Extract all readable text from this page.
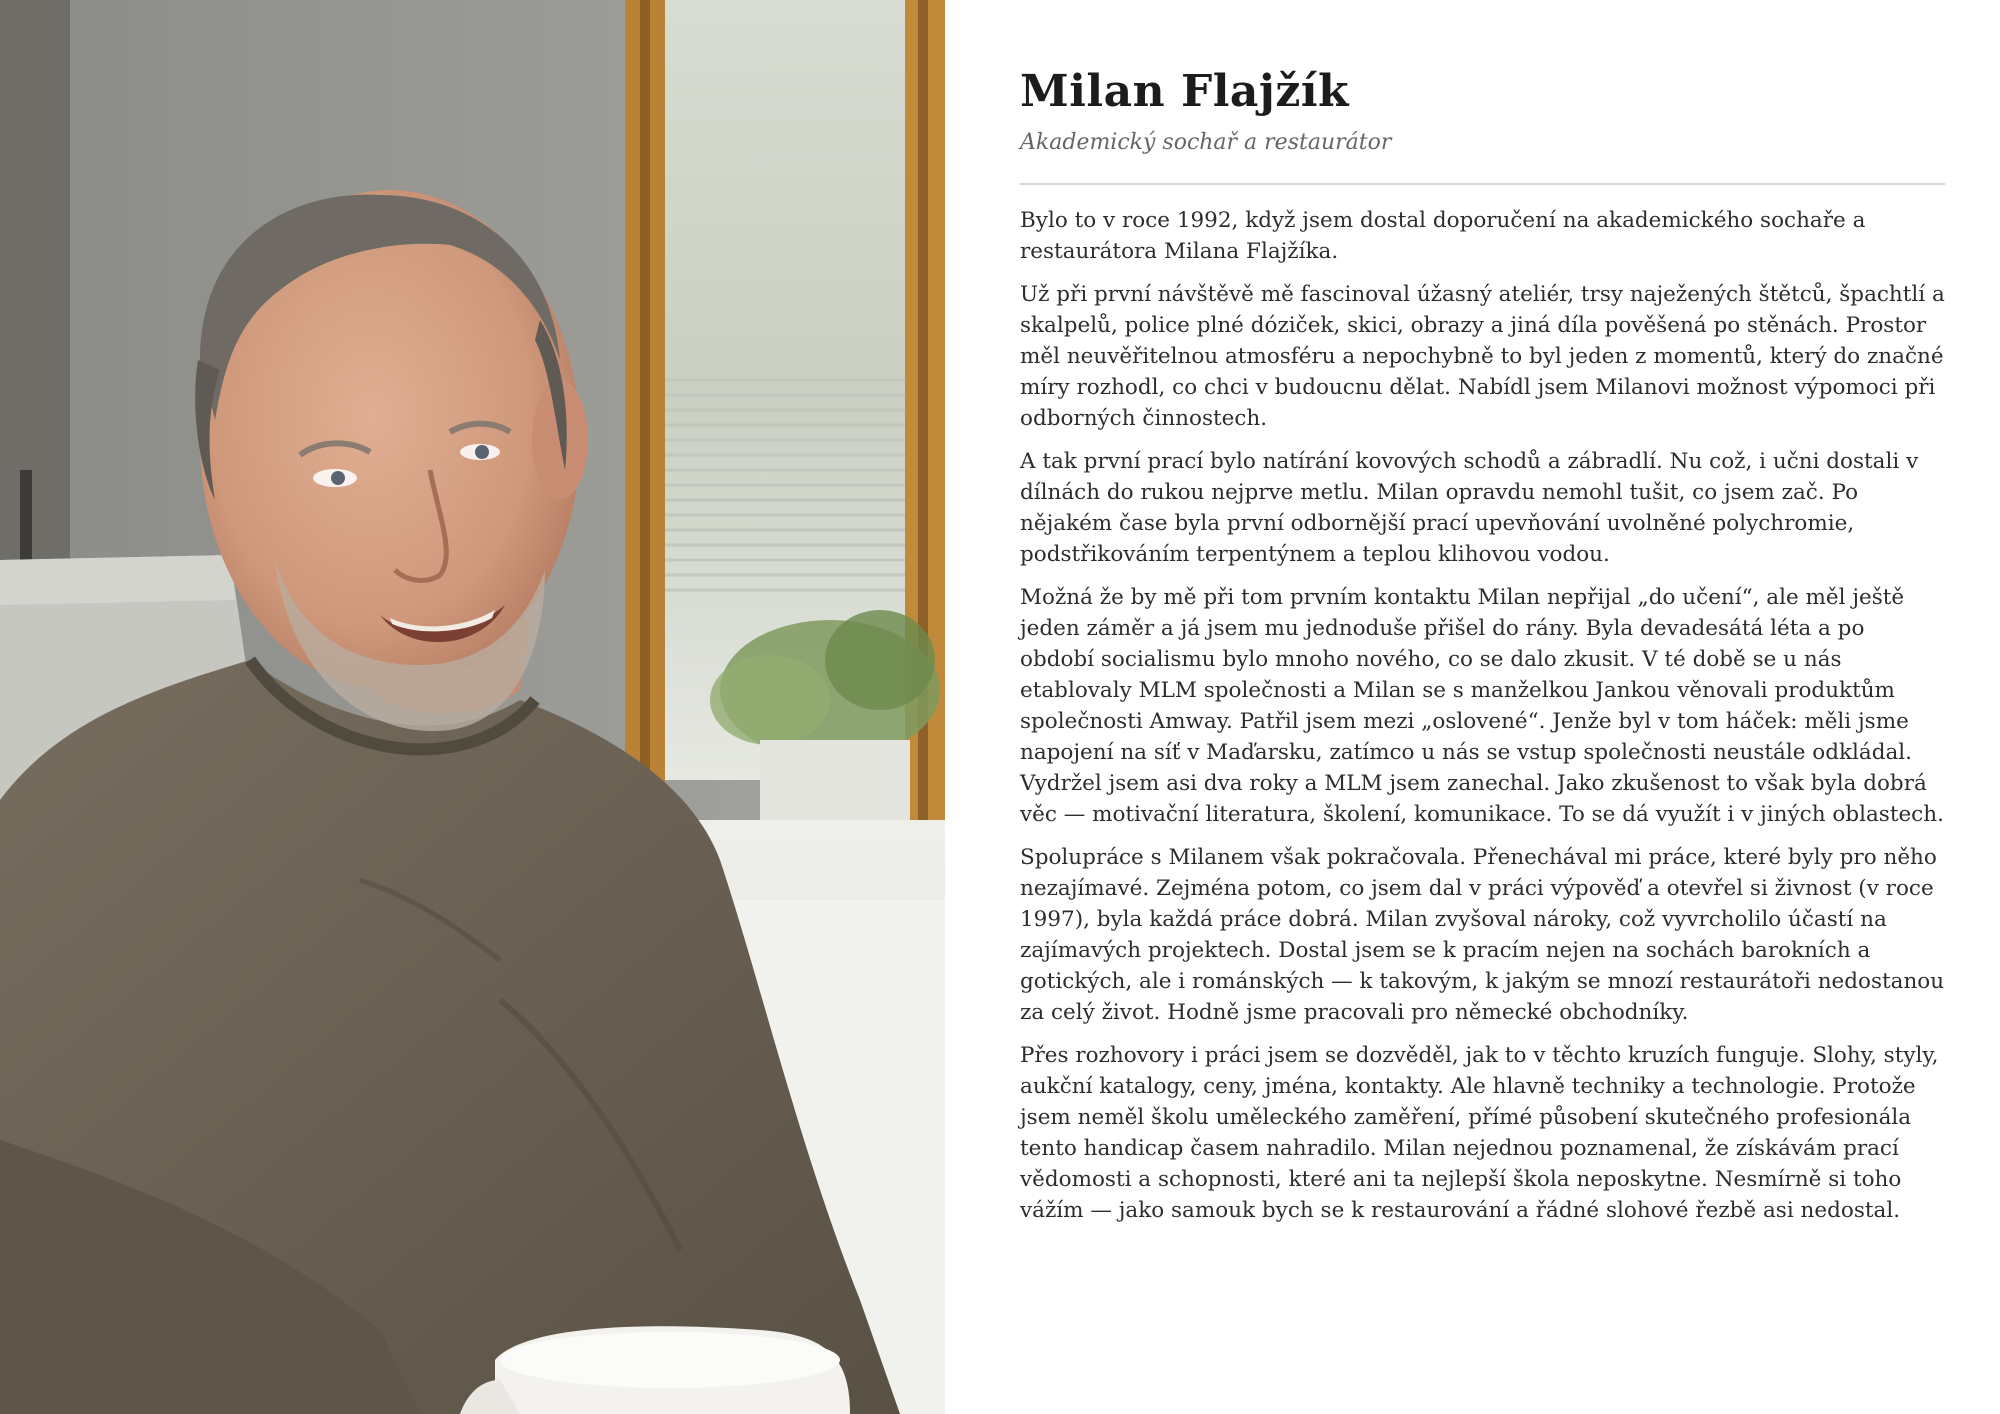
Milan Flajžík
Akademický sochař a restaurátor

Bylo to v roce 1992, když jsem dostal doporučení na akademického sochaře a restaurátora Milana Flajžíka.

Už při první návštěvě mě fascinoval úžasný ateliér, trsy naježených štětců, špachtlí a skalpelů, police plné dóziček, skici, obrazy a jiná díla pověšená po stěnách. Prostor měl neuvěřitelnou atmosféru a nepochybně to byl jeden z momentů, který do značné míry rozhodl, co chci v budoucnu dělat. Nabídl jsem Milanovi možnost výpomoci při odborných činnostech.

A tak první prací bylo natírání kovových schodů a zábradlí. Nu což, i učni dostali v dílnách do rukou nejprve metlu. Milan opravdu nemohl tušit, co jsem zač. Po nějakém čase byla první odbornější prací upevňování uvolněné polychromie, podstřikováním terpentýnem a teplou klihovou vodou.

Možná že by mě při tom prvním kontaktu Milan nepřijal „do učení“, ale měl ještě jeden záměr a já jsem mu jednoduše přišel do rány. Byla devadesátá léta a po období socialismu bylo mnoho nového, co se dalo zkusit. V té době se u nás etablovaly MLM společnosti a Milan se s manželkou Jankou věnovali produktům společnosti Amway. Patřil jsem mezi „oslovené“. Jenže byl v tom háček: měli jsme napojení na síť v Maďarsku, zatímco u nás se vstup společnosti neustále odkládal. Vydržel jsem asi dva roky a MLM jsem zanechal. Jako zkušenost to však byla dobrá věc — motivační literatura, školení, komunikace. To se dá využít i v jiných oblastech.

Spolupráce s Milanem však pokračovala. Přenechával mi práce, které byly pro něho nezajímavé. Zejména potom, co jsem dal v práci výpověď a otevřel si živnost (v roce 1997), byla každá práce dobrá. Milan zvyšoval nároky, což vyvrcholilo účastí na zajímavých projektech. Dostal jsem se k pracím nejen na sochách barokních a gotických, ale i románských — k takovým, k jakým se mnozí restaurátoři nedostanou za celý život. Hodně jsme pracovali pro německé obchodníky.

Přes rozhovory i práci jsem se dozvěděl, jak to v těchto kruzích funguje. Slohy, styly, aukční katalogy, ceny, jména, kontakty. Ale hlavně techniky a technologie. Protože jsem neměl školu uměleckého zaměření, přímé působení skutečného profesionála tento handicap časem nahradilo. Milan nejednou poznamenal, že získávám prací vědomosti a schopnosti, které ani ta nejlepší škola neposkytne. Nesmírně si toho vážím — jako samouk bych se k restaurování a řádné slohové řezbě asi nedostal.
